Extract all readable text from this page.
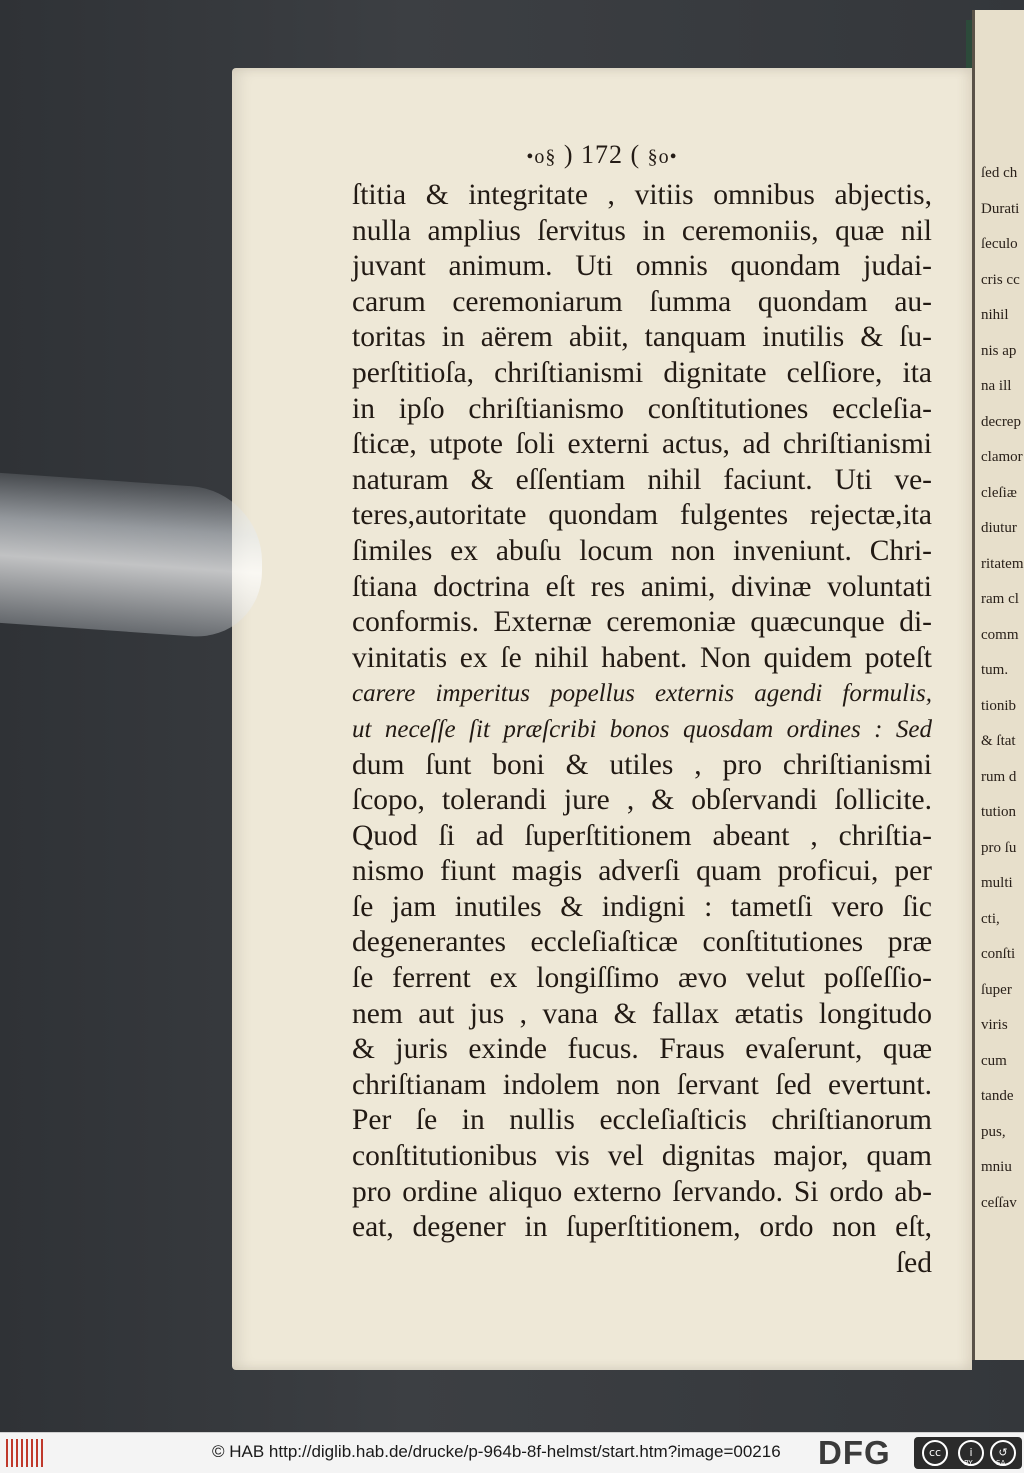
ſed ch
Durati
ſeculo
cris cc
nihil
nis ap
na ill
decrep
clamor
cleſiæ
diutur
ritatem
ram cl
comm
tum.
tionib
& ſtat
rum d
tution
pro ſu
multi
cti,
conſti
ſuper
viris
cum
tande
pus,
mniu
ceſſav
•o§ ) 172 ( §o•
ſtitia & integritate , vitiis omnibus abjectis,
nulla amplius ſervitus in ceremoniis, quæ nil
juvant animum. Uti omnis quondam judai-
carum ceremoniarum ſumma quondam au-
toritas in aërem abiit, tanquam inutilis & ſu-
perſtitioſa, chriſtianismi dignitate celſiore, ita
in ipſo chriſtianismo conſtitutiones eccleſia-
ſticæ, utpote ſoli externi actus, ad chriſtianismi
naturam & eſſentiam nihil faciunt. Uti ve-
teres,autoritate quondam fulgentes rejectæ,ita
ſimiles ex abuſu locum non inveniunt. Chri-
ſtiana doctrina eſt res animi, divinæ voluntati
conformis. Externæ ceremoniæ quæcunque di-
vinitatis ex ſe nihil habent. Non quidem poteſt
carere imperitus popellus externis agendi formulis,
ut neceſſe ſit præſcribi bonos quosdam ordines : Sed
dum ſunt boni & utiles , pro chriſtianismi
ſcopo, tolerandi jure , & obſervandi ſollicite.
Quod ſi ad ſuperſtitionem abeant , chriſtia-
nismo fiunt magis adverſi quam proficui, per
ſe jam inutiles & indigni : tametſi vero ſic
degenerantes eccleſiaſticæ conſtitutiones præ
ſe ferrent ex longiſſimo ævo velut poſſeſſio-
nem aut jus , vana & fallax ætatis longitudo
& juris exinde fucus. Fraus evaſerunt, quæ
chriſtianam indolem non ſervant ſed evertunt.
Per ſe in nullis eccleſiaſticis chriſtianorum
conſtitutionibus vis vel dignitas major, quam
pro ordine aliquo externo ſervando. Si ordo ab-
eat, degener in ſuperſtitionem, ordo non eſt,
ſed
© HAB http://diglib.hab.de/drucke/p-964b-8f-helmst/start.htm?image=00216 DFG	cc	i	↺
BY	SA
